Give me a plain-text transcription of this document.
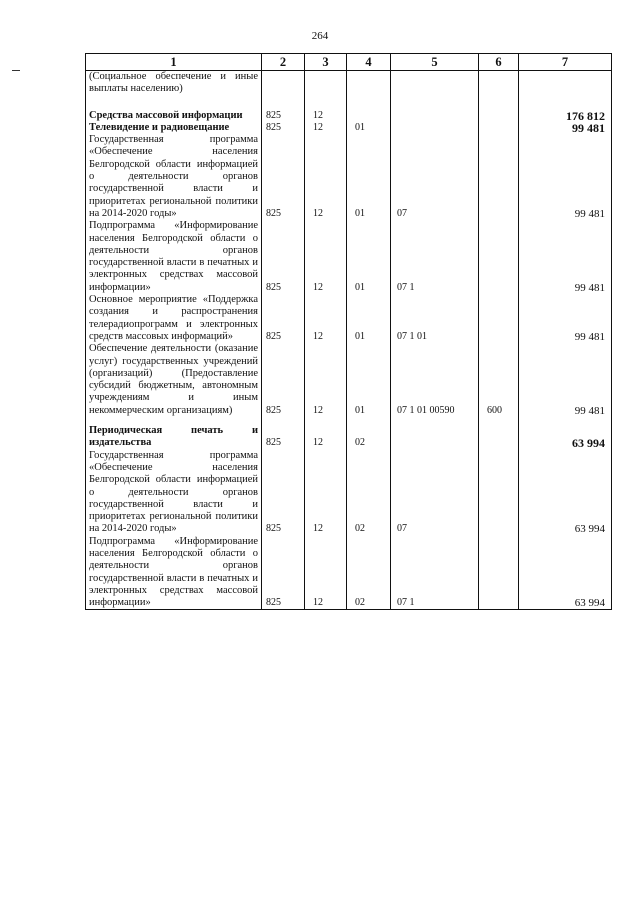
264
1	2	3	4	5	6	7
(Социальное обеспечение и иные выплаты населению)						

Средства массовой информации	825	12				176 812
Телевидение и радиовещание	825	12	01			99 481
Государственная программа «Обеспечение населения Белгородской области информацией о деятельности органов государственной власти и приоритетах региональной политики на 2014-2020 годы»	825	12	01	07		99 481
Подпрограмма «Информирование населения Белгородской области о деятельности органов государственной власти в печатных и электронных средствах массовой информации»	825	12	01	07 1		99 481
Основное мероприятие «Поддержка создания и распространения телерадиопрограмм и электронных средств массовых информаций»	825	12	01	07 1 01		99 481
Обеспечение деятельности (оказание услуг) государственных учреждений (организаций) (Предоставление субсидий бюджетным, автономным учреждениям и иным некоммерческим организациям)	825	12	01	07 1 01 00590	600	99 481

Периодическая печать и издательства	825	12	02			63 994
Государственная программа «Обеспечение населения Белгородской области информацией о деятельности органов государственной власти и приоритетах региональной политики на 2014-2020 годы»	825	12	02	07		63 994
Подпрограмма «Информирование населения Белгородской области о деятельности органов государственной власти в печатных и электронных средствах массовой информации»	825	12	02	07 1		63 994
